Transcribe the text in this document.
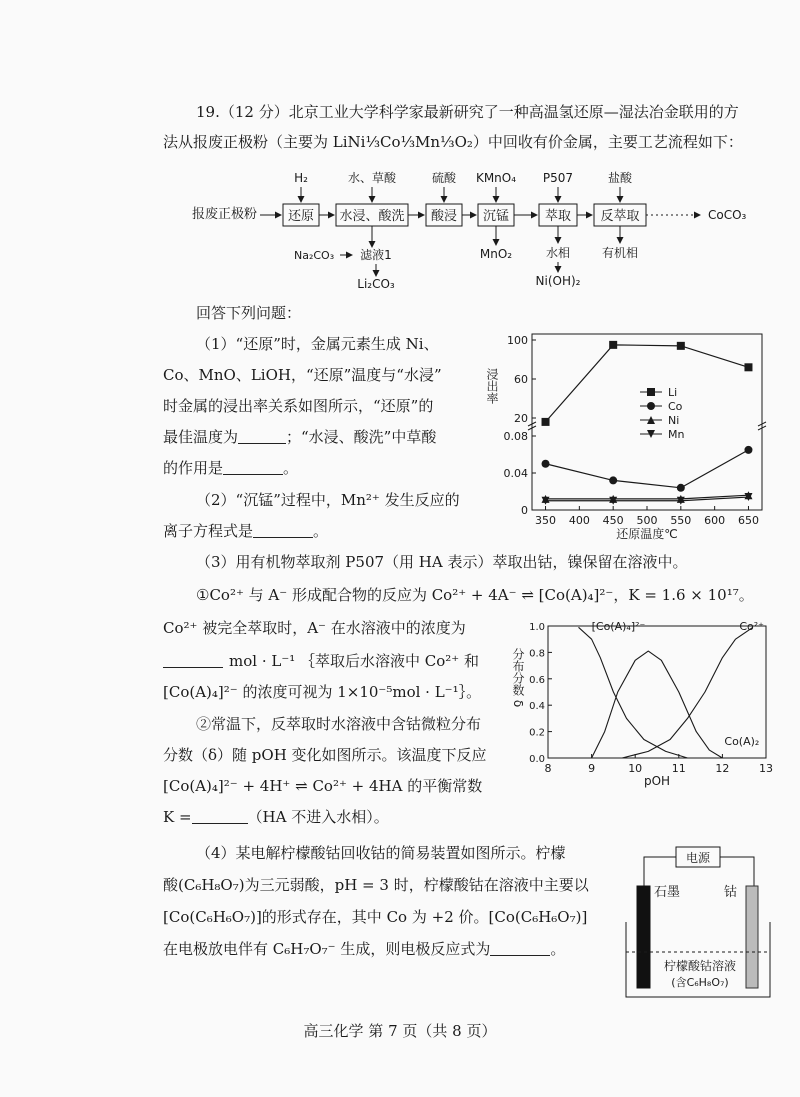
19.（12 分）北京工业大学科学家最新研究了一种高温氢还原—湿法冶金联用的方
法从报废正极粉（主要为 LiNi⅓Co⅓Mn⅓O₂）中回收有价金属，主要工艺流程如下：
报废正极粉 还原
H₂
水浸、酸洗
水、草酸
滤液1
酸浸
硫酸
沉锰
KMnO₄
MnO₂
萃取
P507
水相
Ni(OH)₂
反萃取
盐酸
有机相
CoCO₃
Na₂CO₃
Li₂CO₃
回答下列问题：
（1）“还原”时，金属元素生成 Ni、
Co、MnO、LiOH，“还原”温度与“水浸”
时金属的浸出率关系如图所示，“还原”的
最佳温度为	；“水浸、酸洗”中草酸
的作用是	。
（2）“沉锰”过程中，Mn²⁺ 发生反应的
离子方程式是	。
350 400 450 500 550 600 650
20
60
100
0
0.04
0.08
Li
Co
Ni
Mn
浸出率
还原温度℃
（3）用有机物萃取剂 P507（用 HA 表示）萃取出钴，镍保留在溶液中。
①Co²⁺ 与 A⁻ 形成配合物的反应为 Co²⁺ + 4A⁻ ⇌ [Co(A)₄]²⁻，K = 1.6 × 10¹⁷。
Co²⁺ 被完全萃取时，A⁻ 在水溶液中的浓度为
mol · L⁻¹ ｛萃取后水溶液中 Co²⁺ 和
[Co(A)₄]²⁻ 的浓度可视为 1×10⁻⁵mol · L⁻¹｝。
②常温下，反萃取时水溶液中含钴微粒分布
分数（δ）随 pOH 变化如图所示。该温度下反应
[Co(A)₄]²⁻ + 4H⁺ ⇌ Co²⁺ + 4HA 的平衡常数
K =	（HA 不进入水相）。
8	9	10	11	12	13
0.0
0.2
0.4
0.6
0.8
1.0	[Co(A)₄]²⁻	Co²⁺
Co(A)₂
分布分数 δ
pOH
（4）某电解柠檬酸钴回收钴的简易装置如图所示。柠檬
酸(C₆H₈O₇)为三元弱酸，pH = 3 时，柠檬酸钴在溶液中主要以
[Co(C₆H₆O₇)]的形式存在，其中 Co 为 +2 价。[Co(C₆H₆O₇)]
在电极放电伴有 C₆H₇O₇⁻ 生成，则电极反应式为	。
电源
石墨	钴
柠檬酸钴溶液
(含C₆H₈O₇)
高三化学 第 7 页（共 8 页）
